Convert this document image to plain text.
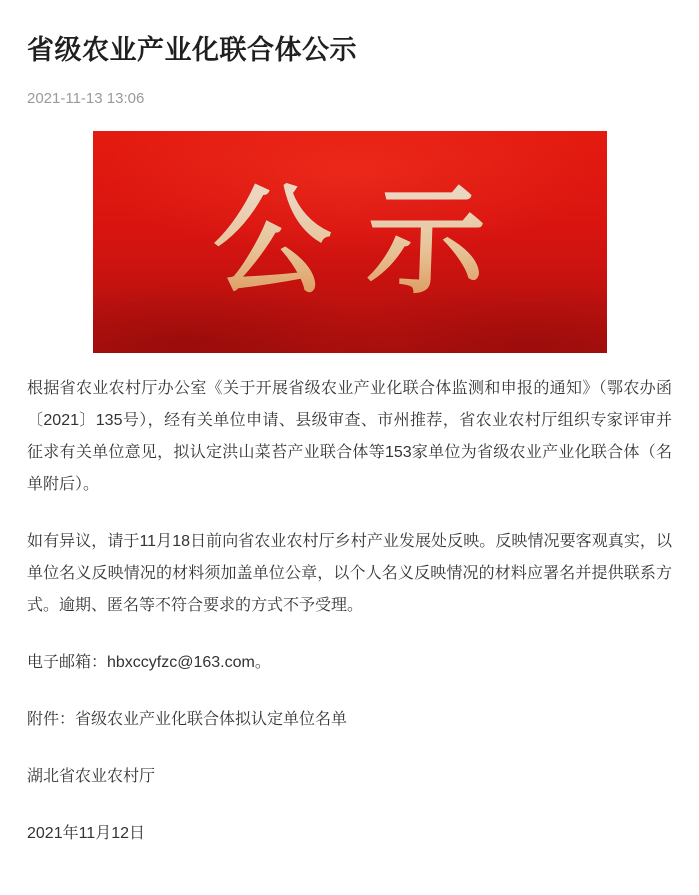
省级农业产业化联合体公示
2021-11-13 13:06
公示

根据省农业农村厅办公室《关于开展省级农业产业化联合体监测和申报的通知》（鄂农办函〔2021〕135号），经有关单位申请、县级审查、市州推荐，省农业农村厅组织专家评审并征求有关单位意见，拟认定洪山菜苔产业联合体等153家单位为省级农业产业化联合体（名单附后）。

如有异议，请于11月18日前向省农业农村厅乡村产业发展处反映。反映情况要客观真实，以单位名义反映情况的材料须加盖单位公章，以个人名义反映情况的材料应署名并提供联系方式。逾期、匿名等不符合要求的方式不予受理。

电子邮箱：hbxccyfzc@163.com。

附件：省级农业产业化联合体拟认定单位名单

湖北省农业农村厅

2021年11月12日
